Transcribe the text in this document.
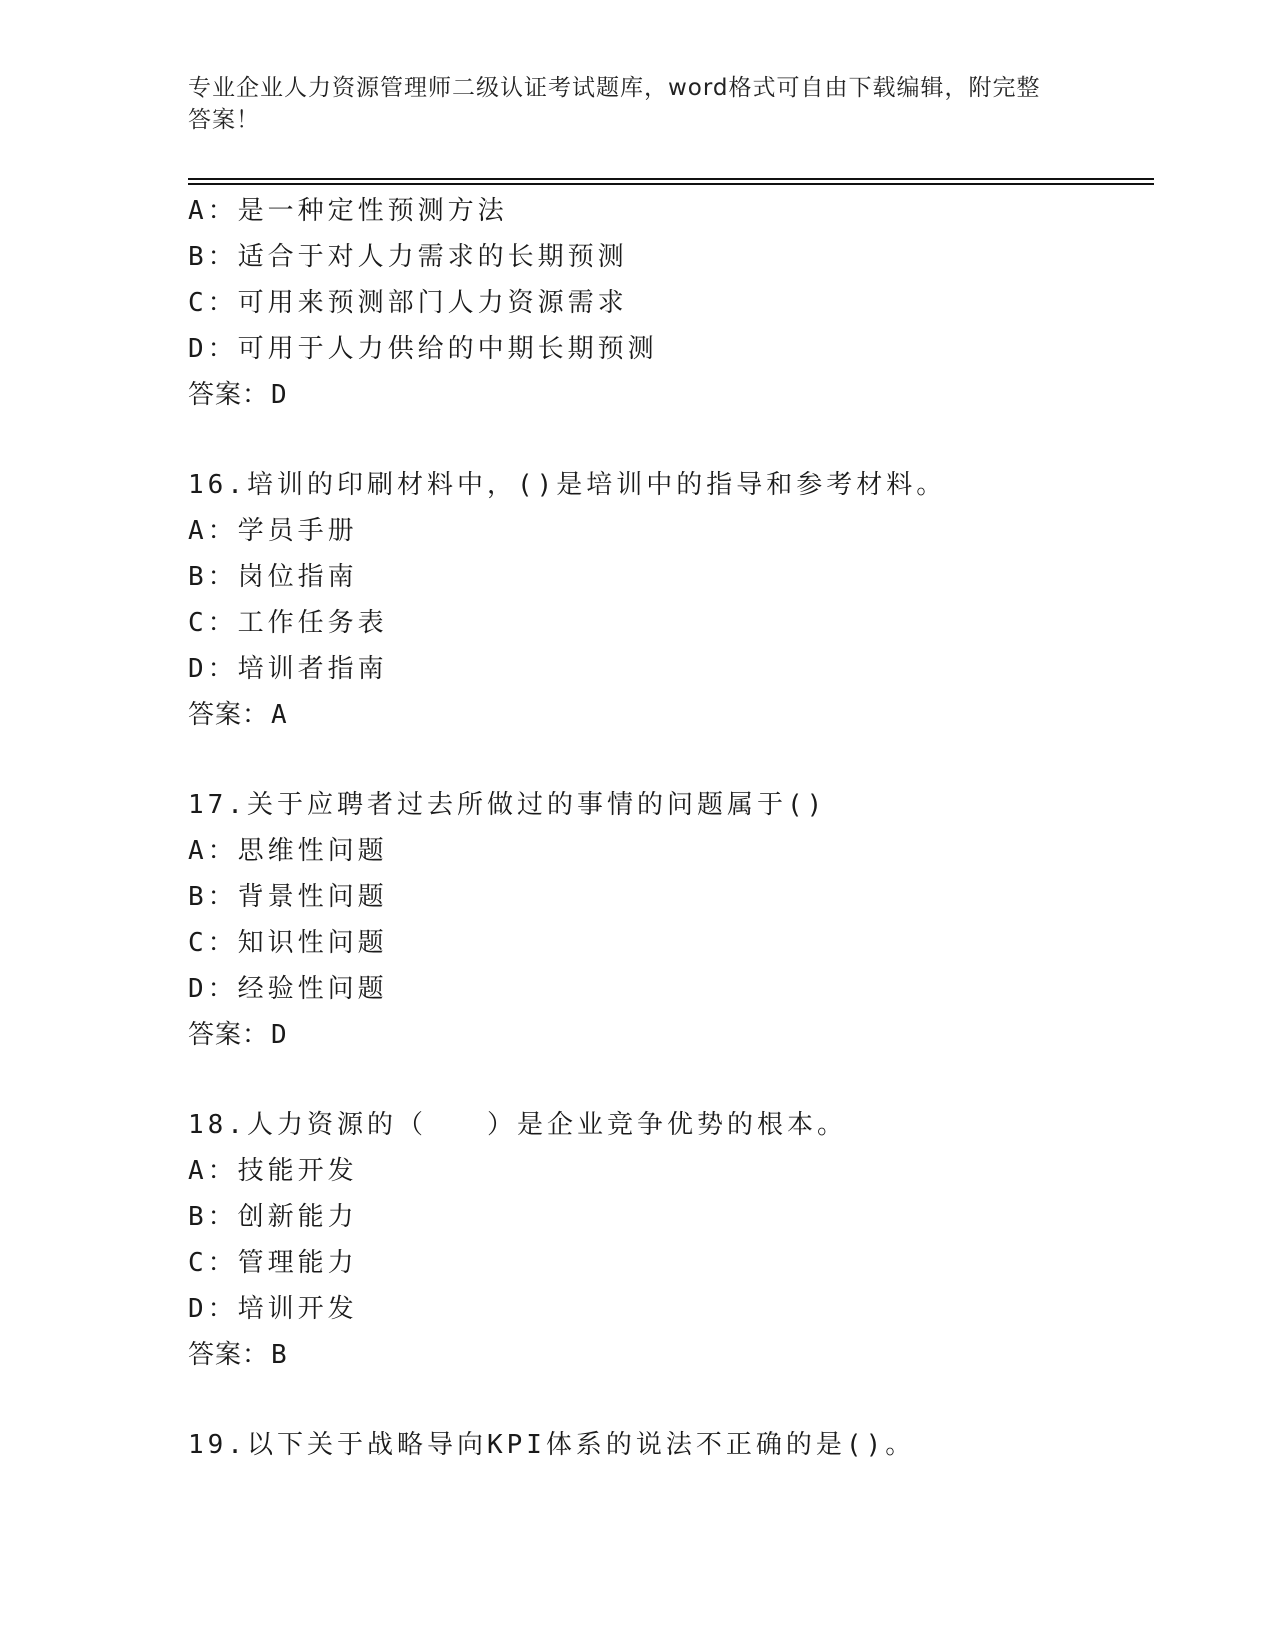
专业企业人力资源管理师二级认证考试题库，word格式可自由下载编辑，附完整
答案！
A：是一种定性预测方法
B：适合于对人力需求的长期预测
C：可用来预测部门人力资源需求
D：可用于人力供给的中期长期预测
答案：D
16.培训的印刷材料中，()是培训中的指导和参考材料。
A：学员手册
B：岗位指南
C：工作任务表
D：培训者指南
答案：A
17.关于应聘者过去所做过的事情的问题属于()
A：思维性问题
B：背景性问题
C：知识性问题
D：经验性问题
答案：D
18.人力资源的（　　）是企业竞争优势的根本。
A：技能开发
B：创新能力
C：管理能力
D：培训开发
答案：B
19.以下关于战略导向KPI体系的说法不正确的是()。
